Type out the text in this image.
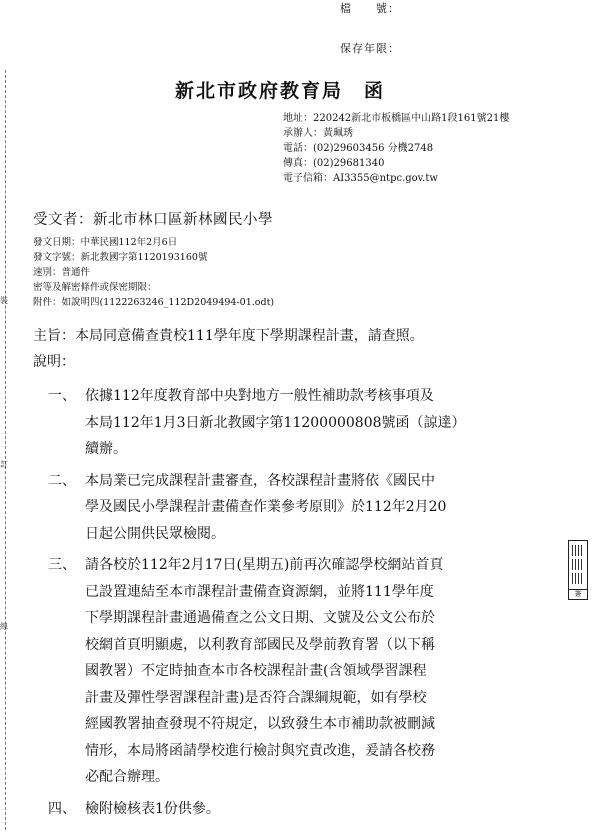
檔　　號：
保存年限：
裝
訂
線
新北市政府教育局　函
地址：220242新北市板橋區中山路1段161號21樓
承辦人：黃珮琇
電話：(02)29603456 分機2748
傳真：(02)29681340
電子信箱：AI3355@ntpc.gov.tw
受文者：新北市林口區新林國民小學
發文日期：中華民國112年2月6日
發文字號：新北教國字第1120193160號
速別：普通件
密等及解密條件或保密期限：
附件：如說明四(1122263246_112D2049494-01.odt)
主旨：本局同意備查貴校111學年度下學期課程計畫，請查照。
說明：
一、 依據112年度教育部中央對地方一般性補助款考核事項及
本局112年1月3日新北教國字第11200000808號函（諒達）
續辦。
二、 本局業已完成課程計畫審查，各校課程計畫將依《國民中
學及國民小學課程計畫備查作業參考原則》於112年2月20
日起公開供民眾檢閱。
三、 請各校於112年2月17日(星期五)前再次確認學校網站首頁
已設置連結至本市課程計畫備查資源網，並將111學年度
下學期課程計畫通過備查之公文日期、文號及公文公布於
校網首頁明顯處，以利教育部國民及學前教育署（以下稱
國教署）不定時抽查本市各校課程計畫(含領域學習課程
計畫及彈性學習課程計畫)是否符合課綱規範，如有學校
經國教署抽查發現不符規定，以致發生本市補助款被刪減
情形，本局將函請學校進行檢討與究責改進，爰請各校務
必配合辦理。
四、 檢附檢核表1份供參。
簽
